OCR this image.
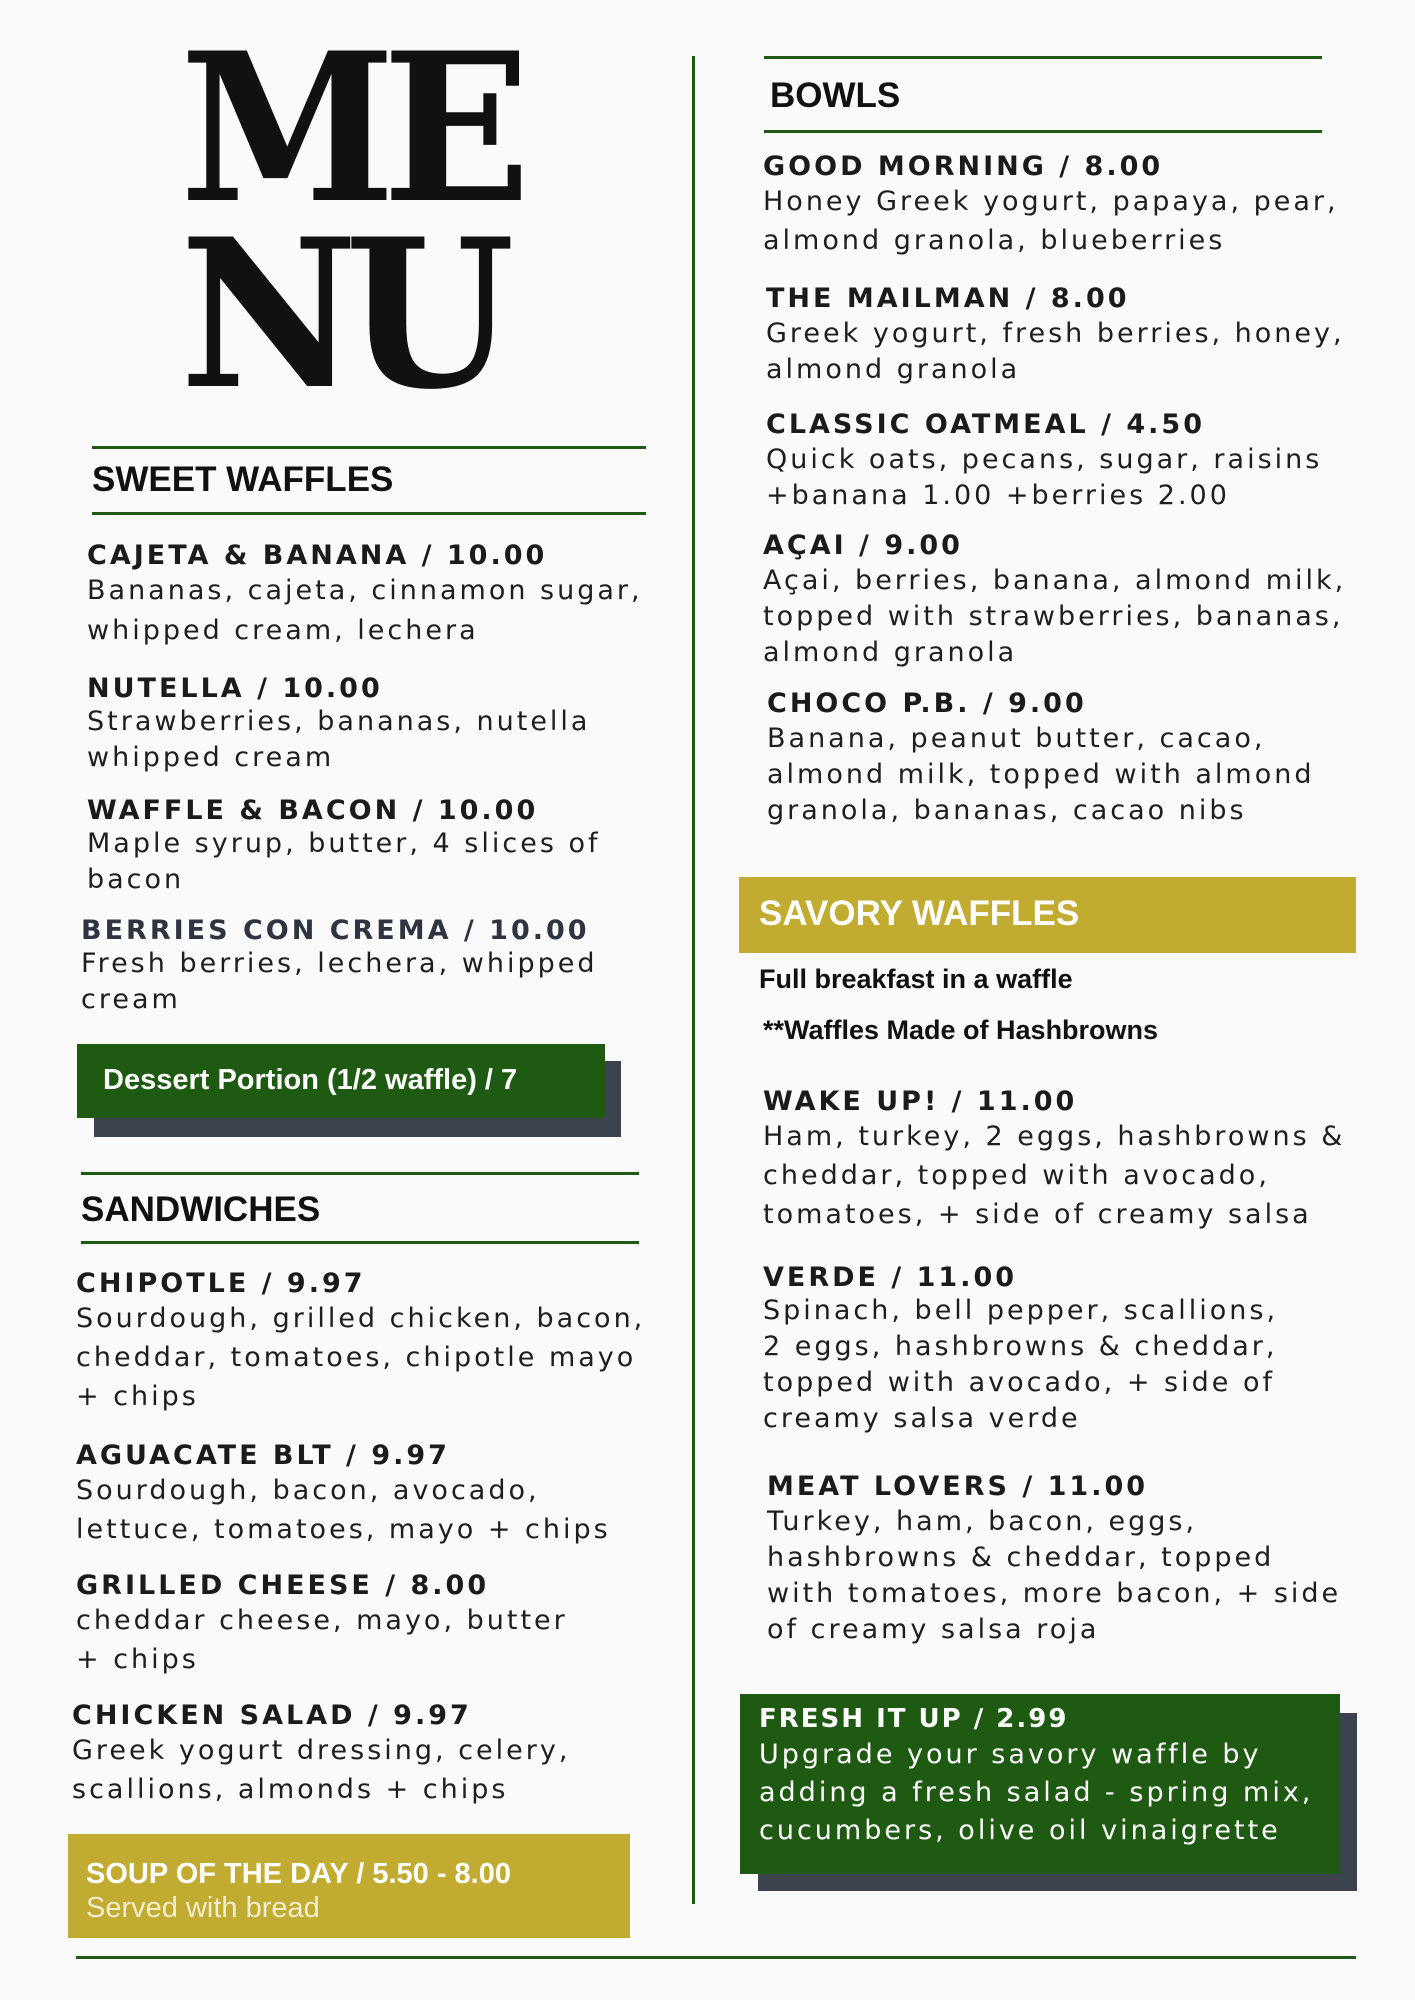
ME
NU
SWEET WAFFLES
CAJETA & BANANA / 10.00
Bananas, cajeta, cinnamon sugar,
whipped cream, lechera
NUTELLA / 10.00
Strawberries, bananas, nutella
whipped cream
WAFFLE & BACON / 10.00
Maple syrup, butter, 4 slices of
bacon
BERRIES CON CREMA / 10.00
Fresh berries, lechera, whipped
cream
Dessert Portion (1/2 waffle) / 7
SANDWICHES
CHIPOTLE / 9.97
Sourdough, grilled chicken, bacon,
cheddar, tomatoes, chipotle mayo
+ chips
AGUACATE BLT / 9.97
Sourdough, bacon, avocado,
lettuce, tomatoes, mayo + chips
GRILLED CHEESE / 8.00
cheddar cheese, mayo, butter
+ chips
CHICKEN SALAD / 9.97
Greek yogurt dressing, celery,
scallions, almonds + chips
SOUP OF THE DAY / 5.50 - 8.00
Served with bread
BOWLS
GOOD MORNING / 8.00
Honey Greek yogurt, papaya, pear,
almond granola, blueberries
THE MAILMAN / 8.00
Greek yogurt, fresh berries, honey,
almond granola
CLASSIC OATMEAL / 4.50
Quick oats, pecans, sugar, raisins
+banana 1.00 +berries 2.00
AÇAI / 9.00
Açai, berries, banana, almond milk,
topped with strawberries, bananas,
almond granola
CHOCO P.B. / 9.00
Banana, peanut butter, cacao,
almond milk, topped with almond
granola, bananas, cacao nibs
SAVORY WAFFLES
Full breakfast in a waffle
**Waffles Made of Hashbrowns
WAKE UP! / 11.00
Ham, turkey, 2 eggs, hashbrowns &
cheddar, topped with avocado,
tomatoes, + side of creamy salsa
VERDE / 11.00
Spinach, bell pepper, scallions,
2 eggs, hashbrowns & cheddar,
topped with avocado, + side of
creamy salsa verde
MEAT LOVERS / 11.00
Turkey, ham, bacon, eggs,
hashbrowns & cheddar, topped
with tomatoes, more bacon, + side
of creamy salsa roja
FRESH IT UP / 2.99
Upgrade your savory waffle by
adding a fresh salad - spring mix,
cucumbers, olive oil vinaigrette
